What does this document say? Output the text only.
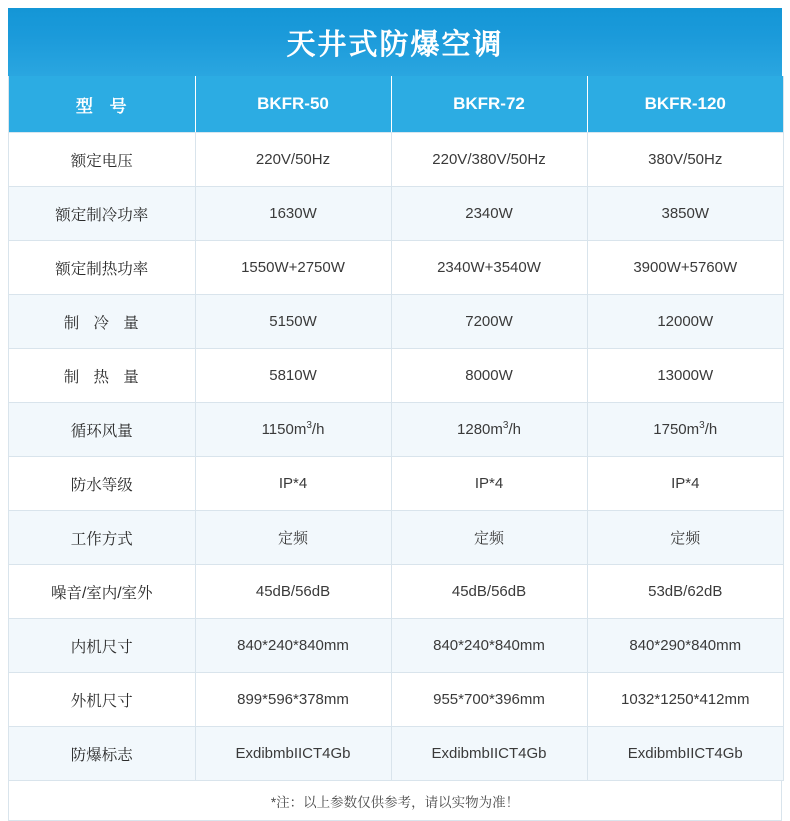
天井式防爆空调
型 号	BKFR-50	BKFR-72	BKFR-120
额定电压	220V/50Hz	220V/380V/50Hz	380V/50Hz
额定制冷功率	1630W	2340W	3850W
额定制热功率	1550W+2750W	2340W+3540W	3900W+5760W
制 冷 量	5150W	7200W	12000W
制 热 量	5810W	8000W	13000W
循环风量	$1150m^3/h$	$1280m^3/h$	$1750m^3/h$
防水等级	IP*4	IP*4	IP*4
工作方式	定频	定频	定频
噪音/室内/室外	45dB/56dB	45dB/56dB	53dB/62dB
内机尺寸	840*240*840mm	840*240*840mm	840*290*840mm
外机尺寸	899*596*378mm	955*700*396mm	1032*1250*412mm
防爆标志	ExdibmbIICT4Gb	ExdibmbIICT4Gb	ExdibmbIICT4Gb
*注：以上参数仅供参考，请以实物为准！
